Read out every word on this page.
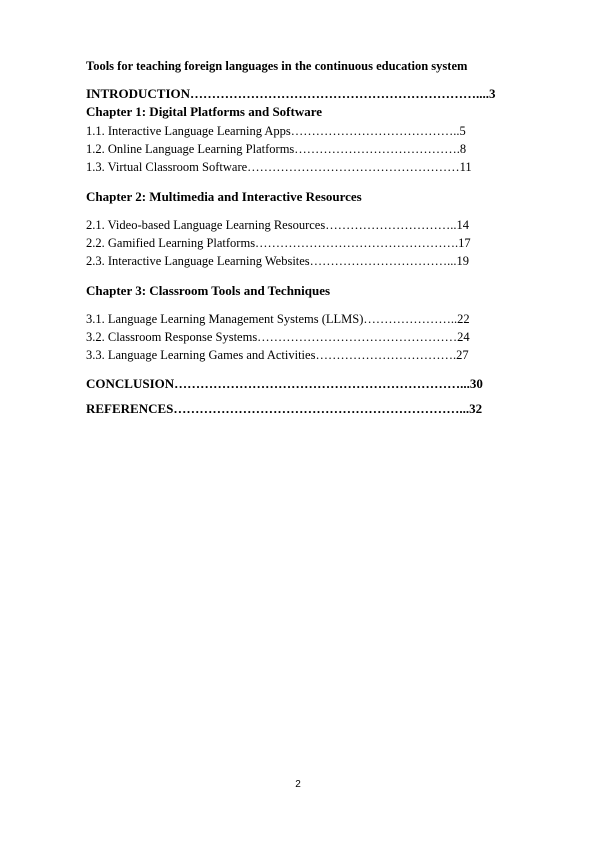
Tools for teaching foreign languages in the continuous education system
INTRODUCTION…………………………………………………………....3
Chapter 1: Digital Platforms and Software
1.1. Interactive Language Learning Apps…………………………………..5
1.2. Online Language Learning Platforms………………………………….8
1.3. Virtual Classroom Software……………………………………………11
Chapter 2: Multimedia and Interactive Resources
2.1. Video-based Language Learning Resources…………………………..14
2.2. Gamified Learning Platforms………………………………………….17
2.3. Interactive Language Learning Websites……………………………...19
Chapter 3: Classroom Tools and Techniques
3.1. Language Learning Management Systems (LLMS)…………………..22
3.2. Classroom Response Systems…………………………………………24
3.3. Language Learning Games and Activities…………………………….27
CONCLUSION…………………………………………………………...30
REFERENCES…………………………………………………………...32
2
